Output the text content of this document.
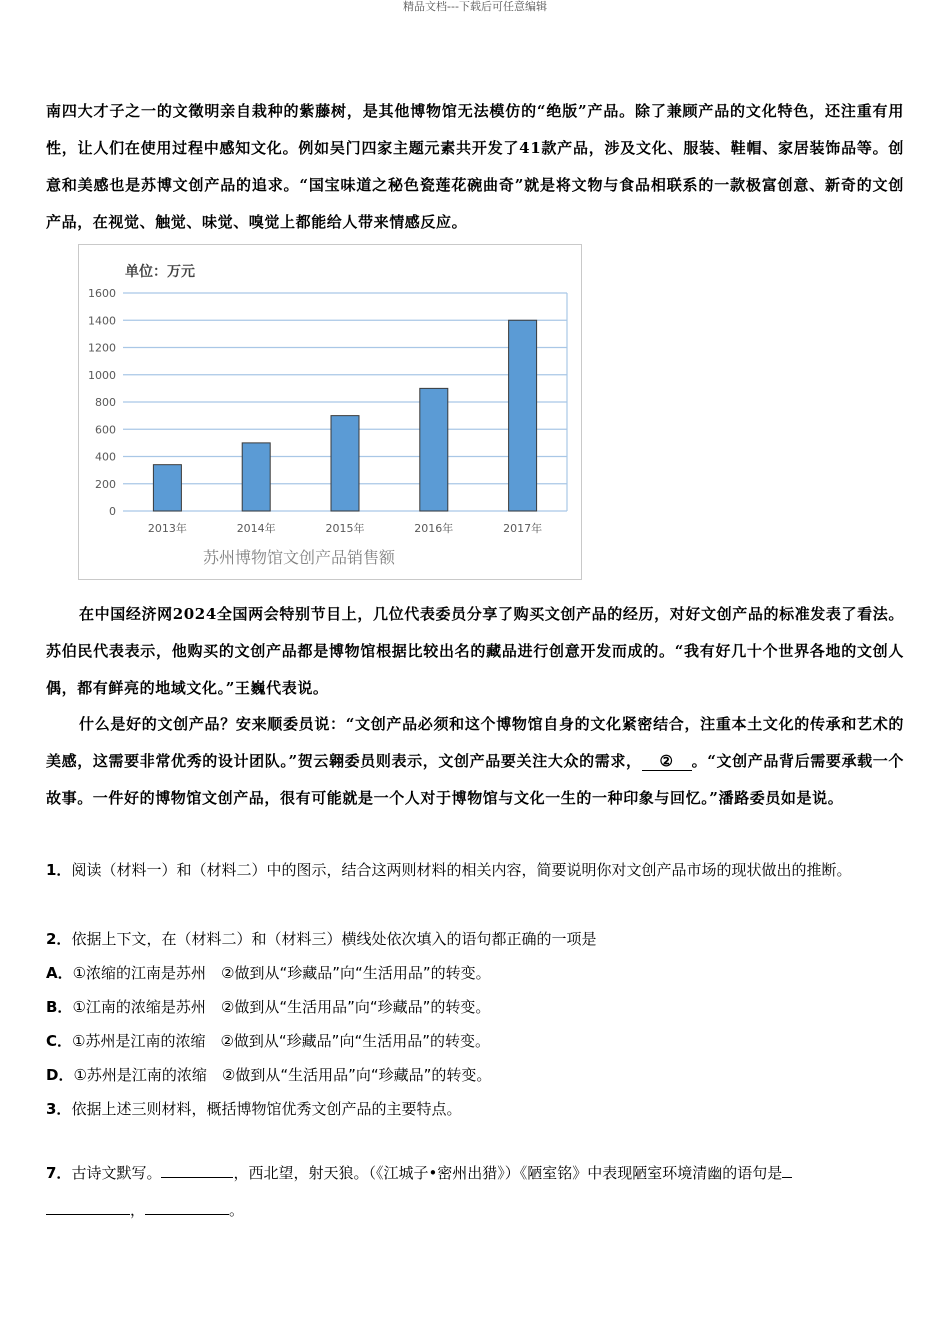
精品文档---下载后可任意编辑
南四大才子之一的文徵明亲自栽种的紫藤树，是其他博物馆无法模仿的“绝版”产品。除了兼顾产品的文化特色，还注重有用性，让人们在使用过程中感知文化。例如吴门四家主题元素共开发了41款产品，涉及文化、服装、鞋帽、家居装饰品等。创意和美感也是苏博文创产品的追求。“国宝味道之秘色瓷莲花碗曲奇”就是将文物与食品相联系的一款极富创意、新奇的文创产品，在视觉、触觉、味觉、嗅觉上都能给人带来情感反应。
单位：万元
0
200
400
600
800
1000
1200
1400
1600
2013年	2014年	2015年	2016年	2017年
苏州博物馆文创产品销售额
在中国经济网2024全国两会特别节目上，几位代表委员分享了购买文创产品的经历，对好文创产品的标准发表了看法。苏伯民代表表示，他购买的文创产品都是博物馆根据比较出名的藏品进行创意开发而成的。“我有好几十个世界各地的文创人偶，都有鲜亮的地域文化。”王巍代表说。
什么是好的文创产品？安来顺委员说：“文创产品必须和这个博物馆自身的文化紧密结合，注重本土文化的传承和艺术的美感，这需要非常优秀的设计团队。”贺云翱委员则表示，文创产品要关注大众的需求， ② 。“文创产品背后需要承载一个故事。一件好的博物馆文创产品，很有可能就是一个人对于博物馆与文化一生的一种印象与回忆。”潘路委员如是说。
1．阅读（材料一）和（材料二）中的图示，结合这两则材料的相关内容，简要说明你对文创产品市场的现状做出的推断。
2．依据上下文，在（材料二）和（材料三）横线处依次填入的语句都正确的一项是
A．①浓缩的江南是苏州　②做到从“珍藏品”向“生活用品”的转变。
B．①江南的浓缩是苏州　②做到从“生活用品”向“珍藏品”的转变。
C．①苏州是江南的浓缩　②做到从“珍藏品”向“生活用品”的转变。
D．①苏州是江南的浓缩　②做到从“生活用品”向“珍藏品”的转变。
3．依据上述三则材料，概括博物馆优秀文创产品的主要特点。
7．古诗文默写。	，西北望，射天狼。（《江城子•密州出猎》）《陋室铭》中表现陋室环境清幽的语句是
，	。
